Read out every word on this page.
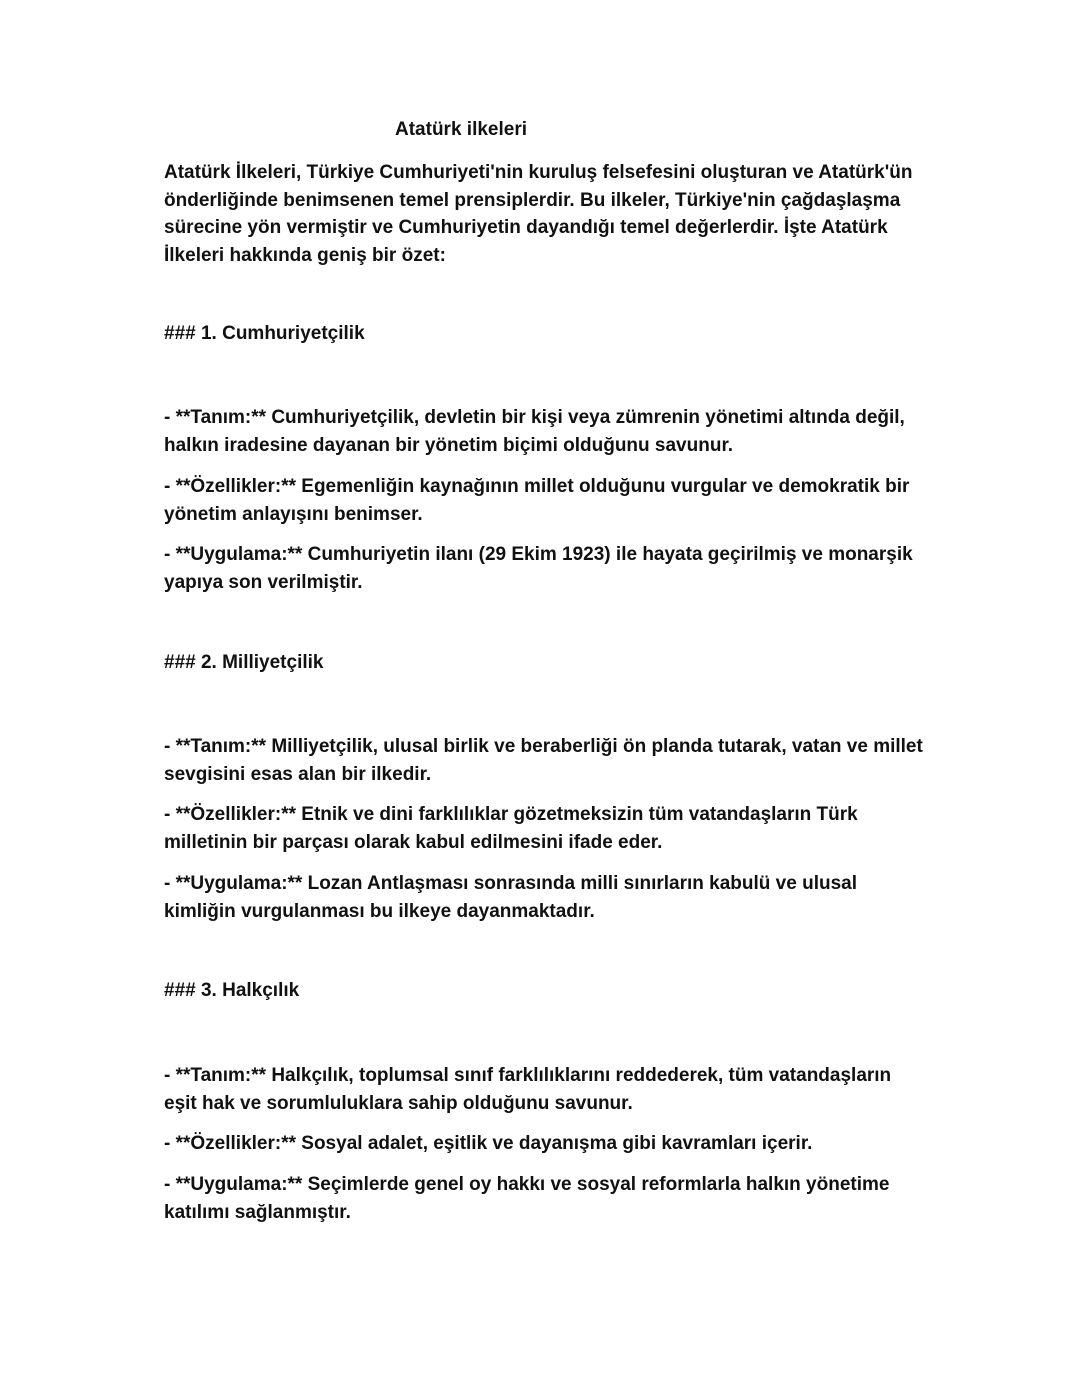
Atatürk ilkeleri

Atatürk İlkeleri, Türkiye Cumhuriyeti'nin kuruluş felsefesini oluşturan ve Atatürk'ün önderliğinde benimsenen temel prensiplerdir. Bu ilkeler, Türkiye'nin çağdaşlaşma sürecine yön vermiştir ve Cumhuriyetin dayandığı temel değerlerdir. İşte Atatürk İlkeleri hakkında geniş bir özet:

### 1. Cumhuriyetçilik

- **Tanım:** Cumhuriyetçilik, devletin bir kişi veya zümrenin yönetimi altında değil, halkın iradesine dayanan bir yönetim biçimi olduğunu savunur.

- **Özellikler:** Egemenliğin kaynağının millet olduğunu vurgular ve demokratik bir yönetim anlayışını benimser.

- **Uygulama:** Cumhuriyetin ilanı (29 Ekim 1923) ile hayata geçirilmiş ve monarşik yapıya son verilmiştir.

### 2. Milliyetçilik

- **Tanım:** Milliyetçilik, ulusal birlik ve beraberliği ön planda tutarak, vatan ve millet sevgisini esas alan bir ilkedir.

- **Özellikler:** Etnik ve dini farklılıklar gözetmeksizin tüm vatandaşların Türk milletinin bir parçası olarak kabul edilmesini ifade eder.

- **Uygulama:** Lozan Antlaşması sonrasında milli sınırların kabulü ve ulusal kimliğin vurgulanması bu ilkeye dayanmaktadır.

### 3. Halkçılık

- **Tanım:** Halkçılık, toplumsal sınıf farklılıklarını reddederek, tüm vatandaşların eşit hak ve sorumluluklara sahip olduğunu savunur.

- **Özellikler:** Sosyal adalet, eşitlik ve dayanışma gibi kavramları içerir.

- **Uygulama:** Seçimlerde genel oy hakkı ve sosyal reformlarla halkın yönetime katılımı sağlanmıştır.
